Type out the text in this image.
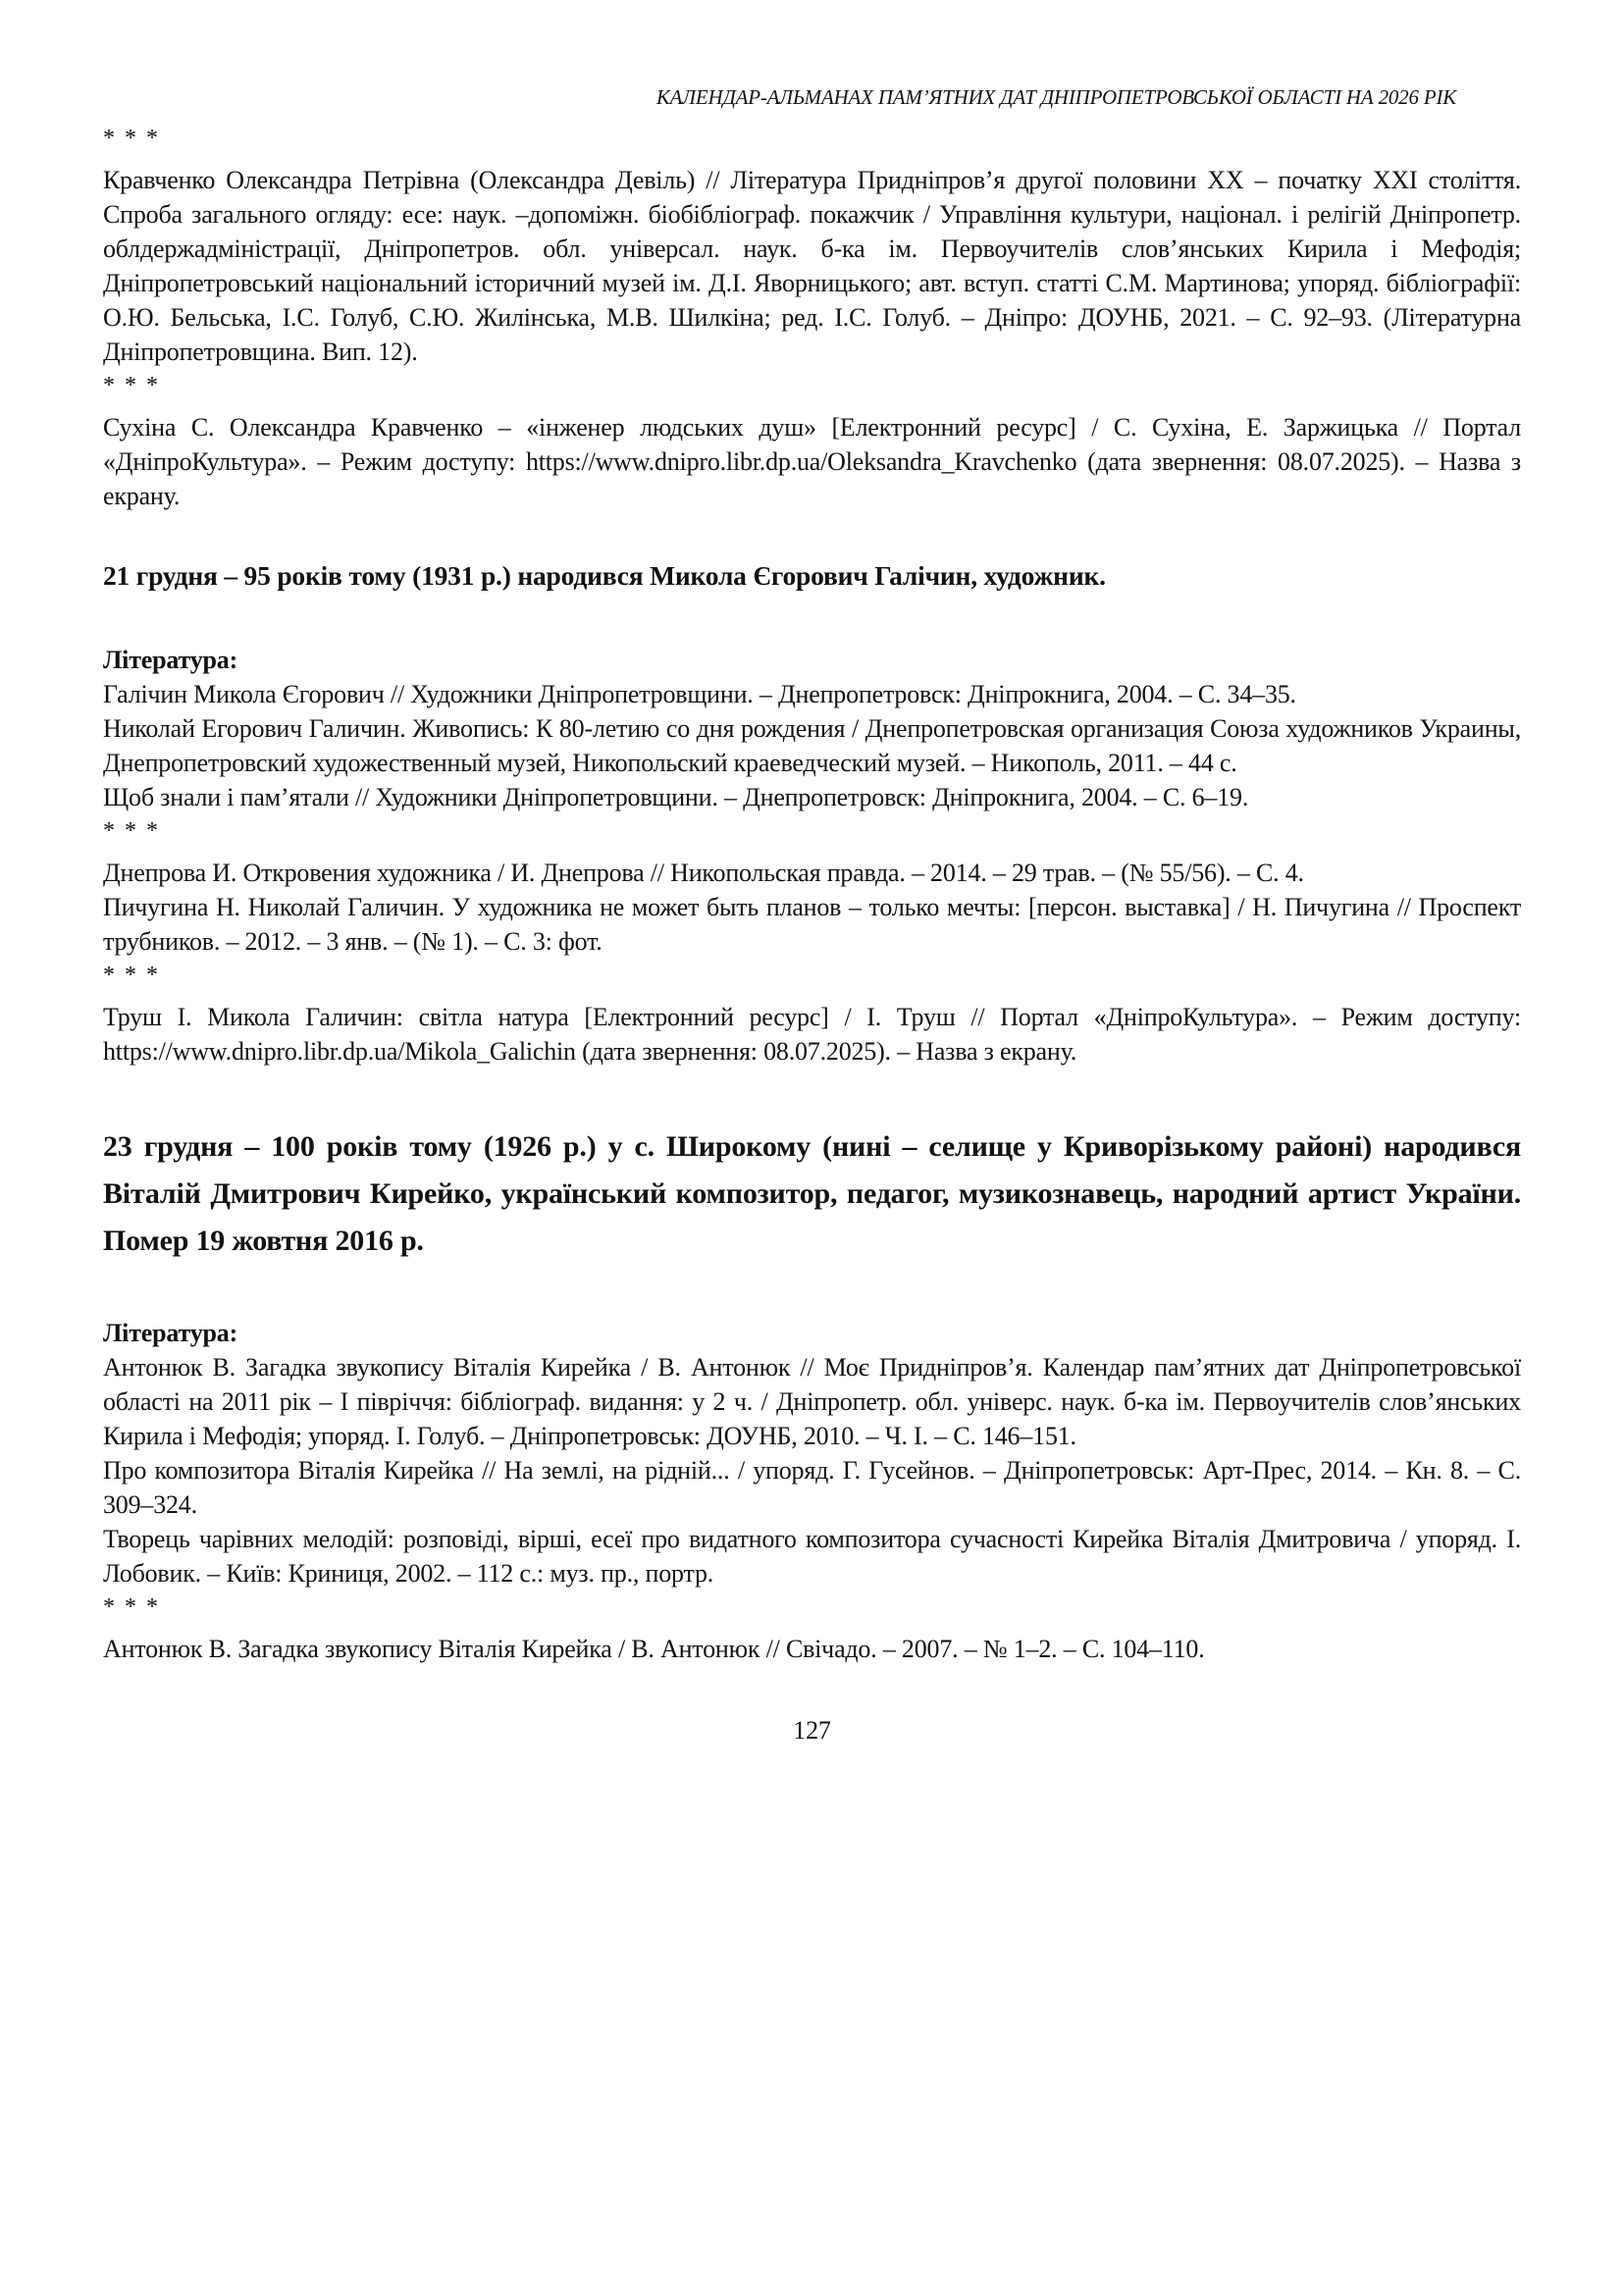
КАЛЕНДАР-АЛЬМАНАХ ПАМ’ЯТНИХ ДАТ ДНІПРОПЕТРОВСЬКОЇ ОБЛАСТІ НА 2026 РІК

* * *

Кравченко Олександра Петрівна (Олександра Девіль) // Література Придніпров’я другої половини ХХ – початку ХХІ століття. Спроба загального огляду: есе: наук. –допоміжн. біобібліограф. покажчик / Управління культури, націонал. і релігій Дніпропетр. облдержадміністрації, Дніпропетров. обл. універсал. наук. б-ка ім. Первоучителів слов’янських Кирила і Мефодія; Дніпропетровський національний історичний музей ім. Д.І. Яворницького; авт. вступ. статті С.М. Мартинова; упоряд. бібліографії: О.Ю. Бельська, І.С. Голуб, С.Ю. Жилінська, М.В. Шилкіна; ред. І.С. Голуб. – Дніпро: ДОУНБ, 2021. – С. 92–93. (Літературна Дніпропетровщина. Вип. 12).

* * *

Сухіна С. Олександра Кравченко – «інженер людських душ» [Електронний ресурс] / С. Сухіна, Е. Заржицька // Портал «ДніпроКультура». – Режим доступу: https://www.dnipro.libr.dp.ua/Oleksandra_Kravchenko (дата звернення: 08.07.2025). – Назва з екрану.

21 грудня – 95 років тому (1931 р.) народився Микола Єгорович Галічин, художник.

Література:

Галічин Микола Єгорович // Художники Дніпропетровщини. – Днепропетровск: Дніпрокнига, 2004. – С. 34–35.

Николай Егорович Галичин. Живопись: К 80-летию со дня рождения / Днепропетровская организация Союза художников Украины, Днепропетровский художественный музей, Никопольский краеведческий музей. – Никополь, 2011. – 44 с.

Щоб знали і пам’ятали // Художники Дніпропетровщини. – Днепропетровск: Дніпрокнига, 2004. – С. 6–19.

* * *

Днепрова И. Откровения художника / И. Днепрова // Никопольская правда. – 2014. – 29 трав. – (№ 55/56). – С. 4.

Пичугина Н. Николай Галичин. У художника не может быть планов – только мечты: [персон. выставка] / Н. Пичугина // Проспект трубников. – 2012. – 3 янв. – (№ 1). – С. 3: фот.

* * *

Труш І. Микола Галичин: світла натура [Електронний ресурс] / І. Труш // Портал «ДніпроКультура». – Режим доступу: https://www.dnipro.libr.dp.ua/Mikola_Galichin (дата звернення: 08.07.2025). – Назва з екрану.

23 грудня – 100 років тому (1926 р.) у с. Широкому (нині – селище у Криворізькому районі) народився Віталій Дмитрович Кирейко, український композитор, педагог, музикознавець, народний артист України. Помер 19 жовтня 2016 р.

Література:

Антонюк В. Загадка звукопису Віталія Кирейка / В. Антонюк // Моє Придніпров’я. Календар пам’ятних дат Дніпропетровської області на 2011 рік – І півріччя: бібліограф. видання: у 2 ч. / Дніпропетр. обл. універс. наук. б-ка ім. Первоучителів слов’янських Кирила і Мефодія; упоряд. І. Голуб. – Дніпропетровськ: ДОУНБ, 2010. – Ч. І. – С. 146–151.

Про композитора Віталія Кирейка // На землі, на рідній... / упоряд. Г. Гусейнов. – Дніпропетровськ: Арт-Прес, 2014. – Кн. 8. – С. 309–324.

Творець чарівних мелодій: розповіді, вірші, есеї про видатного композитора сучасності Кирейка Віталія Дмитровича / упоряд. І. Лобовик. – Київ: Криниця, 2002. – 112 с.: муз. пр., портр.

* * *

Антонюк В. Загадка звукопису Віталія Кирейка / В. Антонюк // Свічадо. – 2007. – № 1–2. – С. 104–110.

127
